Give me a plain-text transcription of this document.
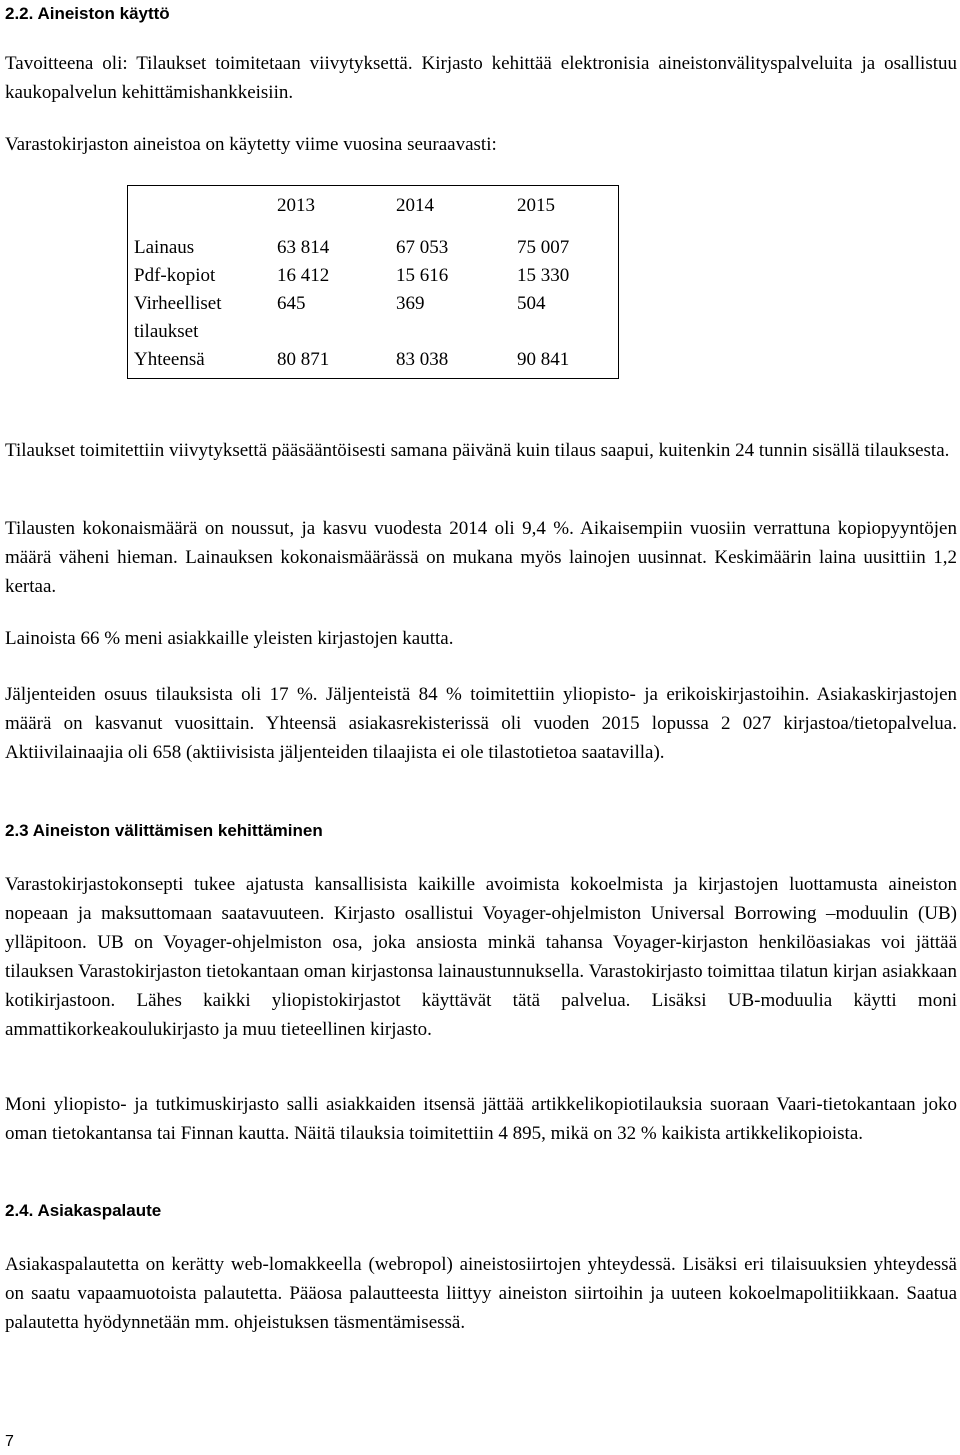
2.2. Aineiston käyttö

Tavoitteena oli: Tilaukset toimitetaan viivytyksettä. Kirjasto kehittää elektronisia aineistonvälityspalveluita ja osallistuu kaukopalvelun kehittämishankkeisiin.

Varastokirjaston aineistoa on käytetty viime vuosina seuraavasti:

	2013	2014	2015
Lainaus	63 814	67 053	75 007
Pdf-kopiot	16 412	15 616	15 330
Virheelliset tilaukset	645	369	504
Yhteensä	80 871	83 038	90 841

Tilaukset toimitettiin viivytyksettä pääsääntöisesti samana päivänä kuin tilaus saapui, kuitenkin 24 tunnin sisällä tilauksesta.

Tilausten kokonaismäärä on noussut, ja kasvu vuodesta 2014 oli 9,4 %. Aikaisempiin vuosiin verrattuna kopiopyyntöjen määrä väheni hieman. Lainauksen kokonaismäärässä on mukana myös lainojen uusinnat. Keskimäärin laina uusittiin 1,2 kertaa.

Lainoista 66 % meni asiakkaille yleisten kirjastojen kautta.

Jäljenteiden osuus tilauksista oli 17 %. Jäljenteistä 84 % toimitettiin yliopisto- ja erikoiskirjastoihin. Asiakaskirjastojen määrä on kasvanut vuosittain. Yhteensä asiakasrekisterissä oli vuoden 2015 lopussa 2 027 kirjastoa/tietopalvelua. Aktiivilainaajia oli 658 (aktiivisista jäljenteiden tilaajista ei ole tilastotietoa saatavilla).

2.3 Aineiston välittämisen kehittäminen

Varastokirjastokonsepti tukee ajatusta kansallisista kaikille avoimista kokoelmista ja kirjastojen luottamusta aineiston nopeaan ja maksuttomaan saatavuuteen. Kirjasto osallistui Voyager-ohjelmiston Universal Borrowing –moduulin (UB) ylläpitoon. UB on Voyager-ohjelmiston osa, joka ansiosta minkä tahansa Voyager-kirjaston henkilöasiakas voi jättää tilauksen Varastokirjaston tietokantaan oman kirjastonsa lainaustunnuksella. Varastokirjasto toimittaa tilatun kirjan asiakkaan kotikirjastoon. Lähes kaikki yliopistokirjastot käyttävät tätä palvelua. Lisäksi UB-moduulia käytti moni ammattikorkeakoulukirjasto ja muu tieteellinen kirjasto.

Moni yliopisto- ja tutkimuskirjasto salli asiakkaiden itsensä jättää artikkelikopiotilauksia suoraan Vaari-tietokantaan joko oman tietokantansa tai Finnan kautta. Näitä tilauksia toimitettiin 4 895, mikä on 32 % kaikista artikkelikopioista.

2.4. Asiakaspalaute

Asiakaspalautetta on kerätty web-lomakkeella (webropol) aineistosiirtojen yhteydessä. Lisäksi eri tilaisuuksien yhteydessä on saatu vapaamuotoista palautetta. Pääosa palautteesta liittyy aineiston siirtoihin ja uuteen kokoelmapolitiikkaan. Saatua palautetta hyödynnetään mm. ohjeistuksen täsmentämisessä.

7
